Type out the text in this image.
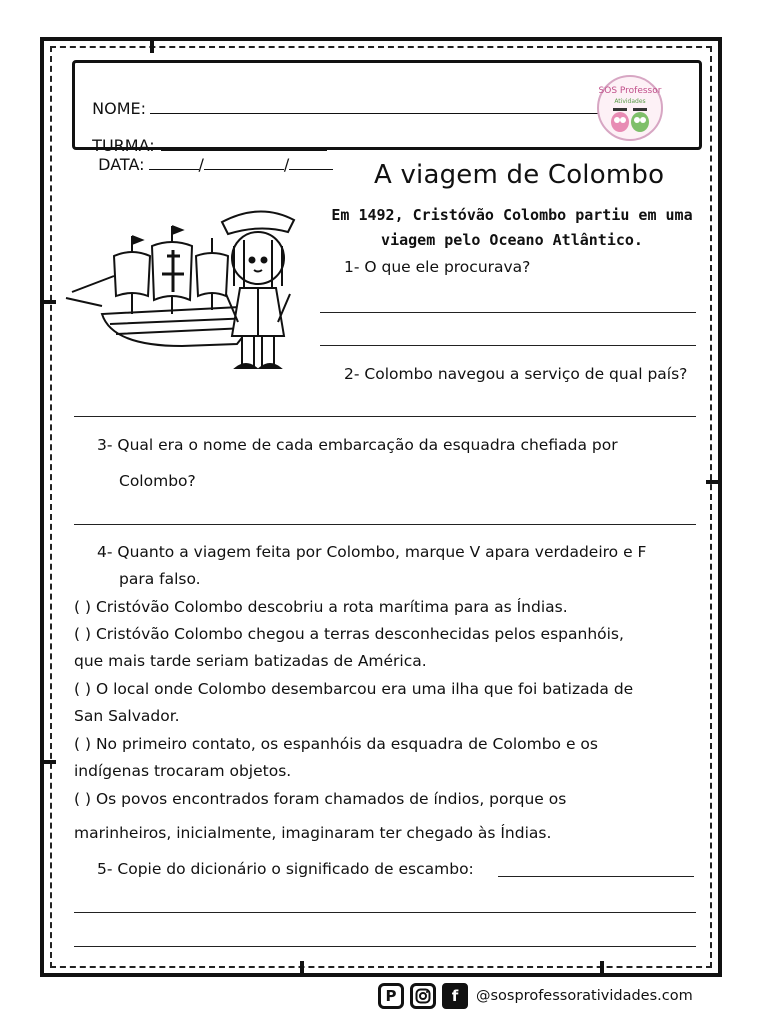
NOME:

TURMA:
DATA:	/	/

SOS Professor
Atividades
A viagem de Colombo
Em 1492, Cristóvão Colombo partiu em uma
viagem pelo Oceano Atlântico.
1- O que ele procurava?
2- Colombo navegou a serviço de qual país?
3- Qual era o nome de cada embarcação da esquadra chefiada por
Colombo?
4- Quanto a viagem feita por Colombo, marque V apara verdadeiro e F
para falso.
( ) Cristóvão Colombo descobriu a rota marítima para as Índias.
( ) Cristóvão Colombo chegou a terras desconhecidas pelos espanhóis,
que mais tarde seriam batizadas de América.
( ) O local onde Colombo desembarcou era uma ilha que foi batizada de
San Salvador.
( ) No primeiro contato, os espanhóis da esquadra de Colombo e os
indígenas trocaram objetos.
( ) Os povos encontrados foram chamados de índios, porque os
marinheiros, inicialmente, imaginaram ter chegado às Índias.
5- Copie do dicionário o significado de escambo:
P	f	@sosprofessoratividades.com
